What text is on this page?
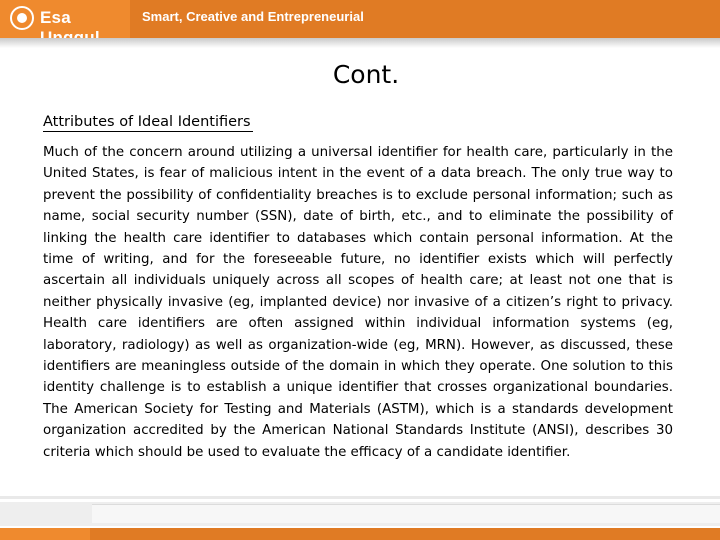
Esa	Smart, Creative and Entrepreneurial
Cont.
Attributes of Ideal Identifiers

Much of the concern around utilizing a universal identifier for health care, particularly in the United States, is fear of malicious intent in the event of a data breach. The only true way to prevent the possibility of confidentiality breaches is to exclude personal information; such as name, social security number (SSN), date of birth, etc., and to eliminate the possibility of linking the health care identifier to databases which contain personal information. At the time of writing, and for the foreseeable future, no identifier exists which will perfectly ascertain all individuals uniquely across all scopes of health care; at least not one that is neither physically invasive (eg, implanted device) nor invasive of a citizen’s right to privacy. Health care identifiers are often assigned within individual information systems (eg, laboratory, radiology) as well as organization-wide (eg, MRN). However, as discussed, these identifiers are meaningless outside of the domain in which they operate. One solution to this identity challenge is to establish a unique identifier that crosses organizational boundaries. The American Society for Testing and Materials (ASTM), which is a standards development organization accredited by the American National Standards Institute (ANSI), describes 30 criteria which should be used to evaluate the efficacy of a candidate identifier.
